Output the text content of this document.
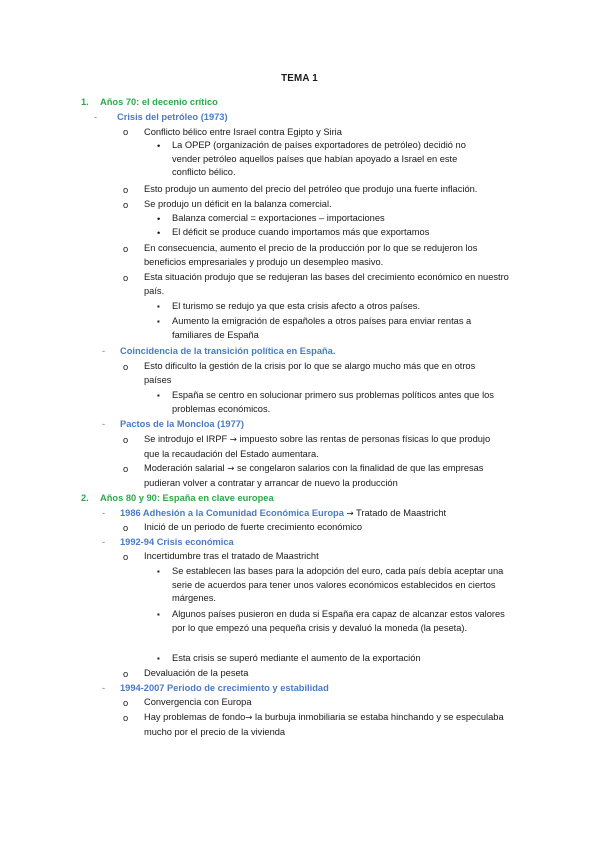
TEMA 1
1. Años 70: el decenio crítico
- Crisis del petróleo (1973)
o Conflicto bélico entre Israel contra Egipto y Siria
• La OPEP (organización de países exportadores de petróleo) decidió no vender petróleo aquellos países que habían apoyado a Israel en este conflicto bélico.
o Esto produjo un aumento del precio del petróleo que produjo una fuerte inflación.
o Se produjo un déficit en la balanza comercial.
• Balanza comercial = exportaciones – importaciones
• El déficit se produce cuando importamos más que exportamos
o En consecuencia, aumento el precio de la producción por lo que se redujeron los beneficios empresariales y produjo un desempleo masivo.
o Esta situación produjo que se redujeran las bases del crecimiento económico en nuestro país.
▪ El turismo se redujo ya que esta crisis afecto a otros países.
▪ Aumento la emigración de españoles a otros países para enviar rentas a familiares de España
- Coincidencia de la transición política en España.
o Esto dificulto la gestión de la crisis por lo que se alargo mucho más que en otros países
▪ España se centro en solucionar primero sus problemas políticos antes que los problemas económicos.
- Pactos de la Moncloa (1977)
o Se introdujo el IRPF → impuesto sobre las rentas de personas físicas lo que produjo que la recaudación del Estado aumentara.
o Moderación salarial → se congelaron salarios con la finalidad de que las empresas pudieran volver a contratar y arrancar de nuevo la producción
2. Años 80 y 90: España en clave europea
- 1986 Adhesión a la Comunidad Económica Europa → Tratado de Maastricht
o Inició de un periodo de fuerte crecimiento económico
- 1992-94 Crisis económica
o Incertidumbre tras el tratado de Maastricht
▪ Se establecen las bases para la adopción del euro, cada país debía aceptar una serie de acuerdos para tener unos valores económicos establecidos en ciertos márgenes.
▪ Algunos países pusieron en duda si España era capaz de alcanzar estos valores por lo que empezó una pequeña crisis y devaluó la moneda (la peseta).
▪ Esta crisis se superó mediante el aumento de la exportación
o Devaluación de la peseta
- 1994-2007 Periodo de crecimiento y estabilidad
o Convergencia con Europa
o Hay problemas de fondo→ la burbuja inmobiliaria se estaba hinchando y se especulaba mucho por el precio de la vivienda
